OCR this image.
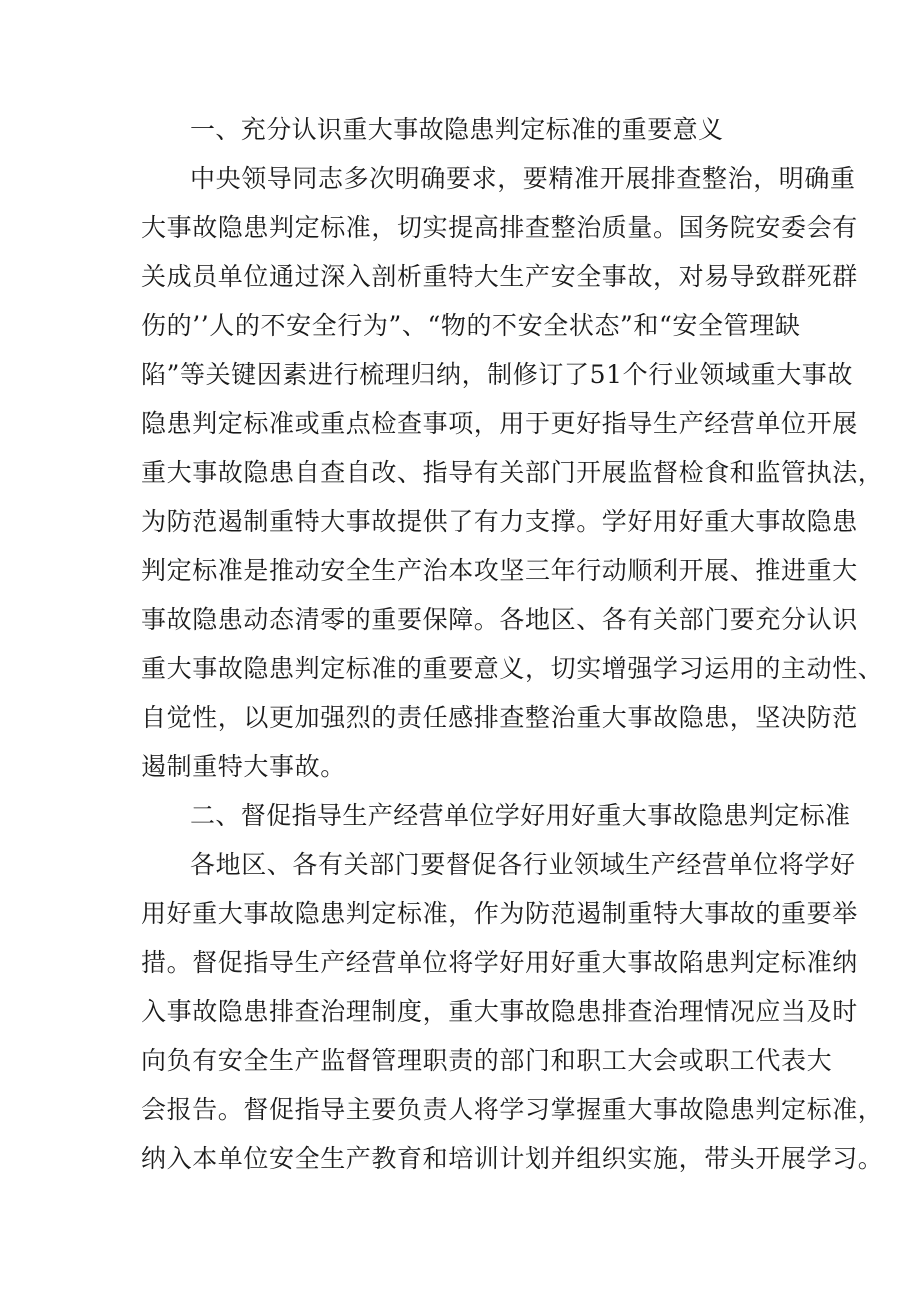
一、充分认识重大事故隐患判定标准的重要意义
中央领导同志多次明确要求，要精准开展排查整治，明确重
大事故隐患判定标准，切实提高排查整治质量。国务院安委会有
关成员单位通过深入剖析重特大生产安全事故，对易导致群死群
伤的’’人的不安全行为”、“物的不安全状态”和“安全管理缺
陷”等关键因素进行梳理归纳，制修订了51个行业领域重大事故
隐患判定标准或重点检查事项，用于更好指导生产经营单位开展
重大事故隐患自查自改、指导有关部门开展监督检食和监管执法，
为防范遏制重特大事故提供了有力支撑。学好用好重大事故隐患
判定标准是推动安全生产治本攻坚三年行动顺利开展、推进重大
事故隐患动态清零的重要保障。各地区、各有关部门要充分认识
重大事故隐患判定标准的重要意义，切实增强学习运用的主动性、
自觉性，以更加强烈的责任感排查整治重大事故隐患，坚决防范
遏制重特大事故。
二、督促指导生产经营单位学好用好重大事故隐患判定标准
各地区、各有关部门要督促各行业领域生产经营单位将学好
用好重大事故隐患判定标准，作为防范遏制重特大事故的重要举
措。督促指导生产经营单位将学好用好重大事故陷患判定标准纳
入事故隐患排查治理制度，重大事故隐患排查治理情况应当及时
向负有安全生产监督管理职责的部门和职工大会或职工代表大
会报告。督促指导主要负责人将学习掌握重大事故隐患判定标准，
纳入本单位安全生产教育和培训计划并组织实施，带头开展学习。
